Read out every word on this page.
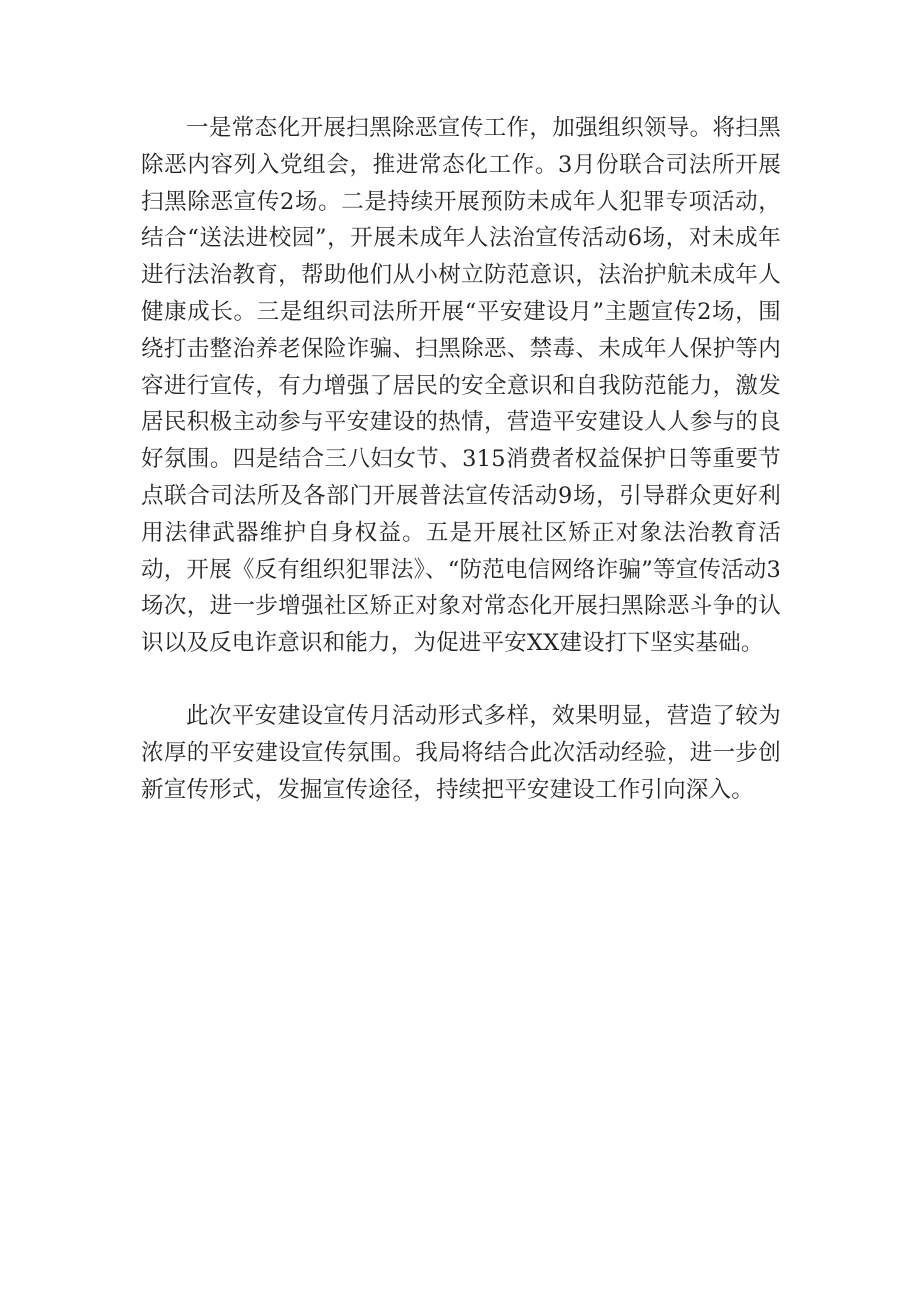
一是常态化开展扫黑除恶宣传工作，加强组织领导。将扫黑除恶内容列入党组会，推进常态化工作。3月份联合司法所开展扫黑除恶宣传2场。二是持续开展预防未成年人犯罪专项活动，结合“送法进校园”，开展未成年人法治宣传活动6场，对未成年进行法治教育，帮助他们从小树立防范意识，法治护航未成年人健康成长。三是组织司法所开展“平安建设月”主题宣传2场，围绕打击整治养老保险诈骗、扫黑除恶、禁毒、未成年人保护等内容进行宣传，有力增强了居民的安全意识和自我防范能力，激发居民积极主动参与平安建设的热情，营造平安建设人人参与的良好氛围。四是结合三八妇女节、315消费者权益保护日等重要节点联合司法所及各部门开展普法宣传活动9场，引导群众更好利用法律武器维护自身权益。五是开展社区矫正对象法治教育活动，开展《反有组织犯罪法》、“防范电信网络诈骗”等宣传活动3场次，进一步增强社区矫正对象对常态化开展扫黑除恶斗争的认识以及反电诈意识和能力，为促进平安XX建设打下坚实基础。

此次平安建设宣传月活动形式多样，效果明显，营造了较为浓厚的平安建设宣传氛围。我局将结合此次活动经验，进一步创新宣传形式，发掘宣传途径，持续把平安建设工作引向深入。
